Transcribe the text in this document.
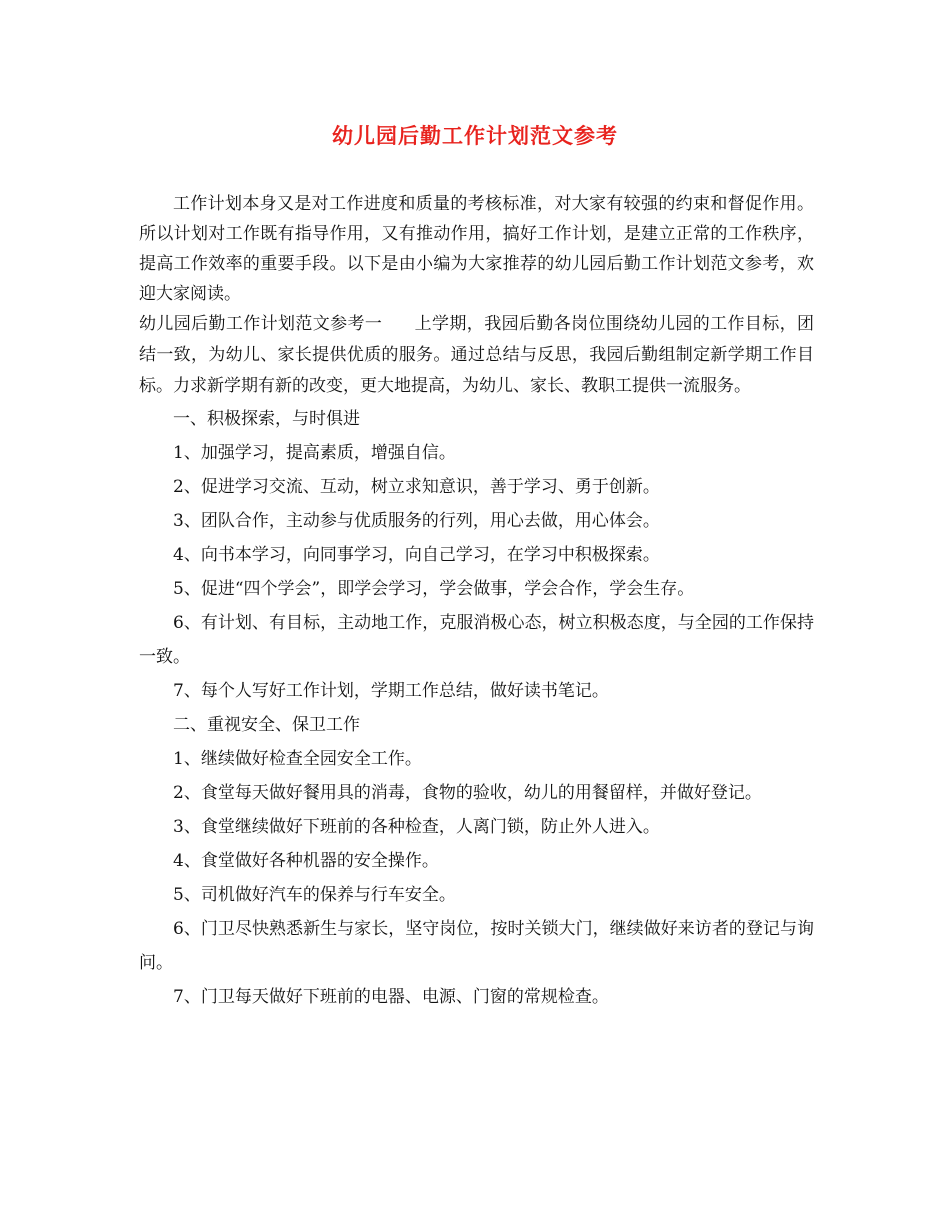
幼儿园后勤工作计划范文参考

工作计划本身又是对工作进度和质量的考核标准，对大家有较强的约束和督促作用。所以计划对工作既有指导作用，又有推动作用，搞好工作计划，是建立正常的工作秩序，提高工作效率的重要手段。以下是由小编为大家推荐的幼儿园后勤工作计划范文参考，欢迎大家阅读。

幼儿园后勤工作计划范文参考一 上学期，我园后勤各岗位围绕幼儿园的工作目标，团结一致，为幼儿、家长提供优质的服务。通过总结与反思，我园后勤组制定新学期工作目标。力求新学期有新的改变，更大地提高，为幼儿、家长、教职工提供一流服务。

一、积极探索，与时俱进

1、加强学习，提高素质，增强自信。

2、促进学习交流、互动，树立求知意识，善于学习、勇于创新。

3、团队合作，主动参与优质服务的行列，用心去做，用心体会。

4、向书本学习，向同事学习，向自己学习，在学习中积极探索。

5、促进“四个学会”，即学会学习，学会做事，学会合作，学会生存。

6、有计划、有目标，主动地工作，克服消极心态，树立积极态度，与全园的工作保持一致。

7、每个人写好工作计划，学期工作总结，做好读书笔记。

二、重视安全、保卫工作

1、继续做好检查全园安全工作。

2、食堂每天做好餐用具的消毒，食物的验收，幼儿的用餐留样，并做好登记。

3、食堂继续做好下班前的各种检查，人离门锁，防止外人进入。

4、食堂做好各种机器的安全操作。

5、司机做好汽车的保养与行车安全。

6、门卫尽快熟悉新生与家长，坚守岗位，按时关锁大门，继续做好来访者的登记与询问。

7、门卫每天做好下班前的电器、电源、门窗的常规检查。
